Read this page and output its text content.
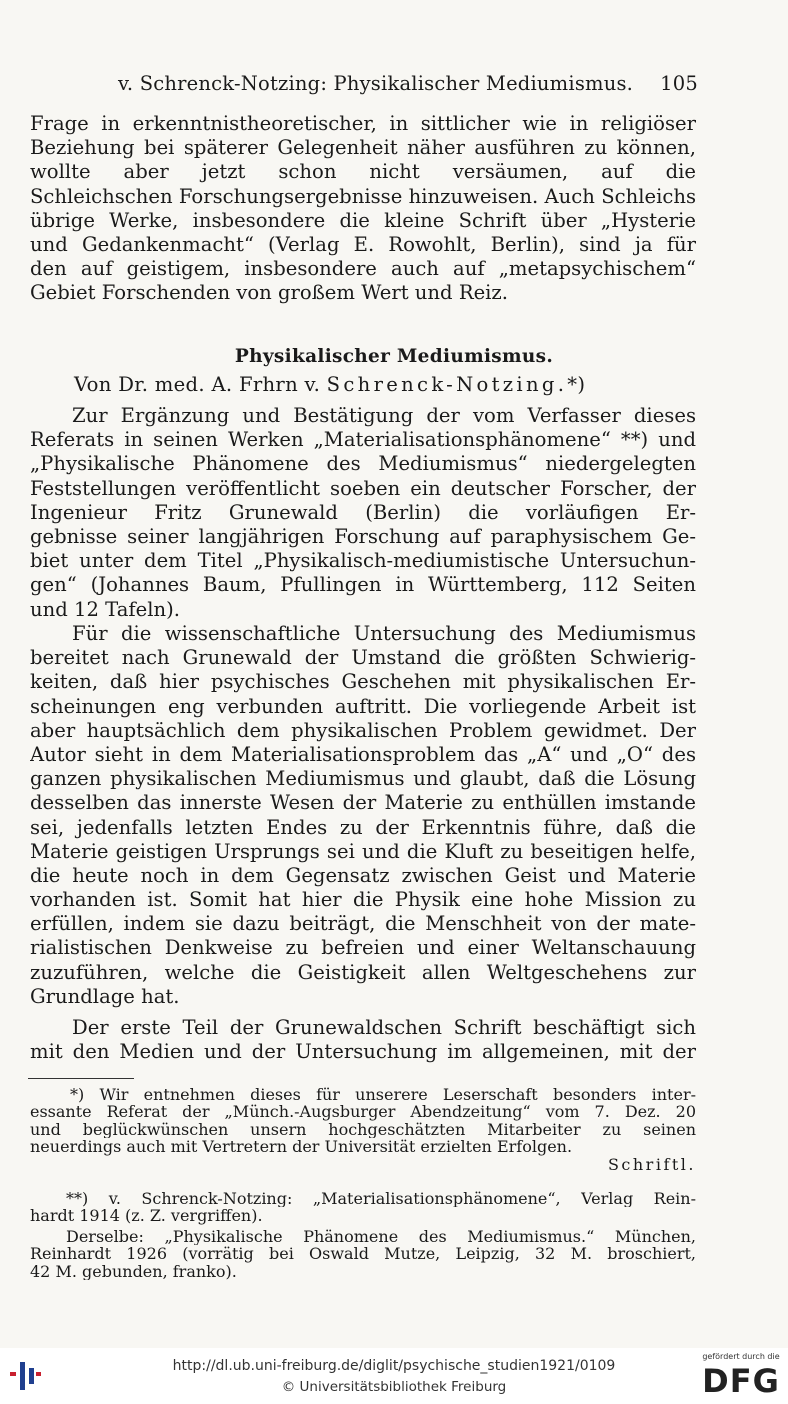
v. Schrenck-Notzing: Physikalischer Mediumismus. 105
Frage in erkenntnistheoretischer, in sittlicher wie in religiöser
Beziehung bei späterer Gelegenheit näher ausführen zu können,
wollte aber jetzt schon nicht versäumen, auf die
Schleichschen Forschungsergebnisse hinzuweisen. Auch Schleichs
übrige Werke, insbesondere die kleine Schrift über „Hysterie
und Gedankenmacht“ (Verlag E. Rowohlt, Berlin), sind ja für
den auf geistigem, insbesondere auch auf „metapsychischem“
Gebiet Forschenden von großem Wert und Reiz.
Physikalischer Mediumismus.
Von Dr. med. A. Frhrn v. Schrenck-Notzing.*)
Zur Ergänzung und Bestätigung der vom Verfasser dieses
Referats in seinen Werken „Materialisationsphänomene“ **) und
„Physikalische Phänomene des Mediumismus“ niedergelegten
Feststellungen veröffentlicht soeben ein deutscher Forscher, der
Ingenieur Fritz Grunewald (Berlin) die vorläufigen Er-
gebnisse seiner langjährigen Forschung auf paraphysischem Ge-
biet unter dem Titel „Physikalisch-mediumistische Untersuchun-
gen“ (Johannes Baum, Pfullingen in Württemberg, 112 Seiten
und 12 Tafeln).
Für die wissenschaftliche Untersuchung des Mediumismus
bereitet nach Grunewald der Umstand die größten Schwierig-
keiten, daß hier psychisches Geschehen mit physikalischen Er-
scheinungen eng verbunden auftritt. Die vorliegende Arbeit ist
aber hauptsächlich dem physikalischen Problem gewidmet. Der
Autor sieht in dem Materialisationsproblem das „A“ und „O“ des
ganzen physikalischen Mediumismus und glaubt, daß die Lösung
desselben das innerste Wesen der Materie zu enthüllen imstande
sei, jedenfalls letzten Endes zu der Erkenntnis führe, daß die
Materie geistigen Ursprungs sei und die Kluft zu beseitigen helfe,
die heute noch in dem Gegensatz zwischen Geist und Materie
vorhanden ist. Somit hat hier die Physik eine hohe Mission zu
erfüllen, indem sie dazu beiträgt, die Menschheit von der mate-
rialistischen Denkweise zu befreien und einer Weltanschauung
zuzuführen, welche die Geistigkeit allen Weltgeschehens zur
Grundlage hat.
Der erste Teil der Grunewaldschen Schrift beschäftigt sich
mit den Medien und der Untersuchung im allgemeinen, mit der
*) Wir entnehmen dieses für unserere Leserschaft besonders inter-
essante Referat der „Münch.-Augsburger Abendzeitung“ vom 7. Dez. 20
und beglückwünschen unsern hochgeschätzten Mitarbeiter zu seinen
neuerdings auch mit Vertretern der Universität erzielten Erfolgen.
Schriftl.
**) v. Schrenck-Notzing: „Materialisationsphänomene“, Verlag Rein-
hardt 1914 (z. Z. vergriffen).
Derselbe: „Physikalische Phänomene des Mediumismus.“ München,
Reinhardt 1926 (vorrätig bei Oswald Mutze, Leipzig, 32 M. broschiert,
42 M. gebunden, franko).
http://dl.ub.uni-freiburg.de/diglit/psychische_studien1921/0109
© Universitätsbibliothek Freiburg
gefördert durch die
DFG
